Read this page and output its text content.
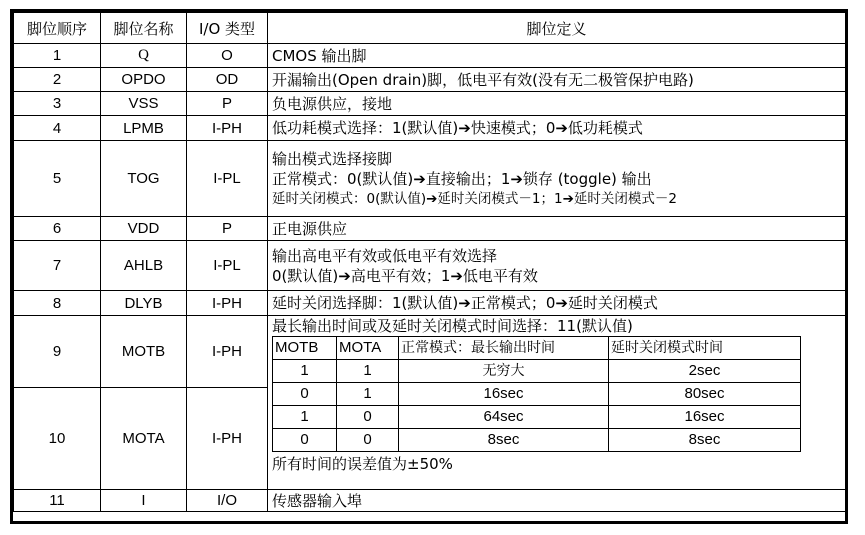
脚位顺序	脚位名称	I/O 类型	脚位定义
1	Q	O	CMOS 输出脚

2	OPDO	OD	开漏输出(Open drain)脚，低电平有效(没有无二极管保护电路)

3	VSS	P	负电源供应，接地

4	LPMB	I-PH	低功耗模式选择：1(默认值)➔快速模式；0➔低功耗模式

5	TOG	I-PL	
输出模式选择接脚
正常模式：0(默认值)➔直接输出；1➔锁存 (toggle) 输出
延时关闭模式：0(默认值)➔延时关闭模式－1；1➔延时关闭模式－2

6	VDD	P	正电源供应

7	AHLB	I-PL	
输出高电平有效或低电平有效选择
0(默认值)➔高电平有效；1➔低电平有效

8	DLYB	I-PH	延时关闭选择脚：1(默认值)➔正常模式；0➔延时关闭模式

9	MOTB	I-PH	
最长输出时间或及延时关闭模式时间选择：11(默认值)
MOTB	MOTA	正常模式：最长输出时间	延时关闭模式时间
1	1	无穷大	2sec
0	1	16sec	80sec
1	0	64sec	16sec
0	0	8sec	8sec
所有时间的误差值为±50%

10	MOTA	I-PH
11	I	I/O	传感器输入埠
